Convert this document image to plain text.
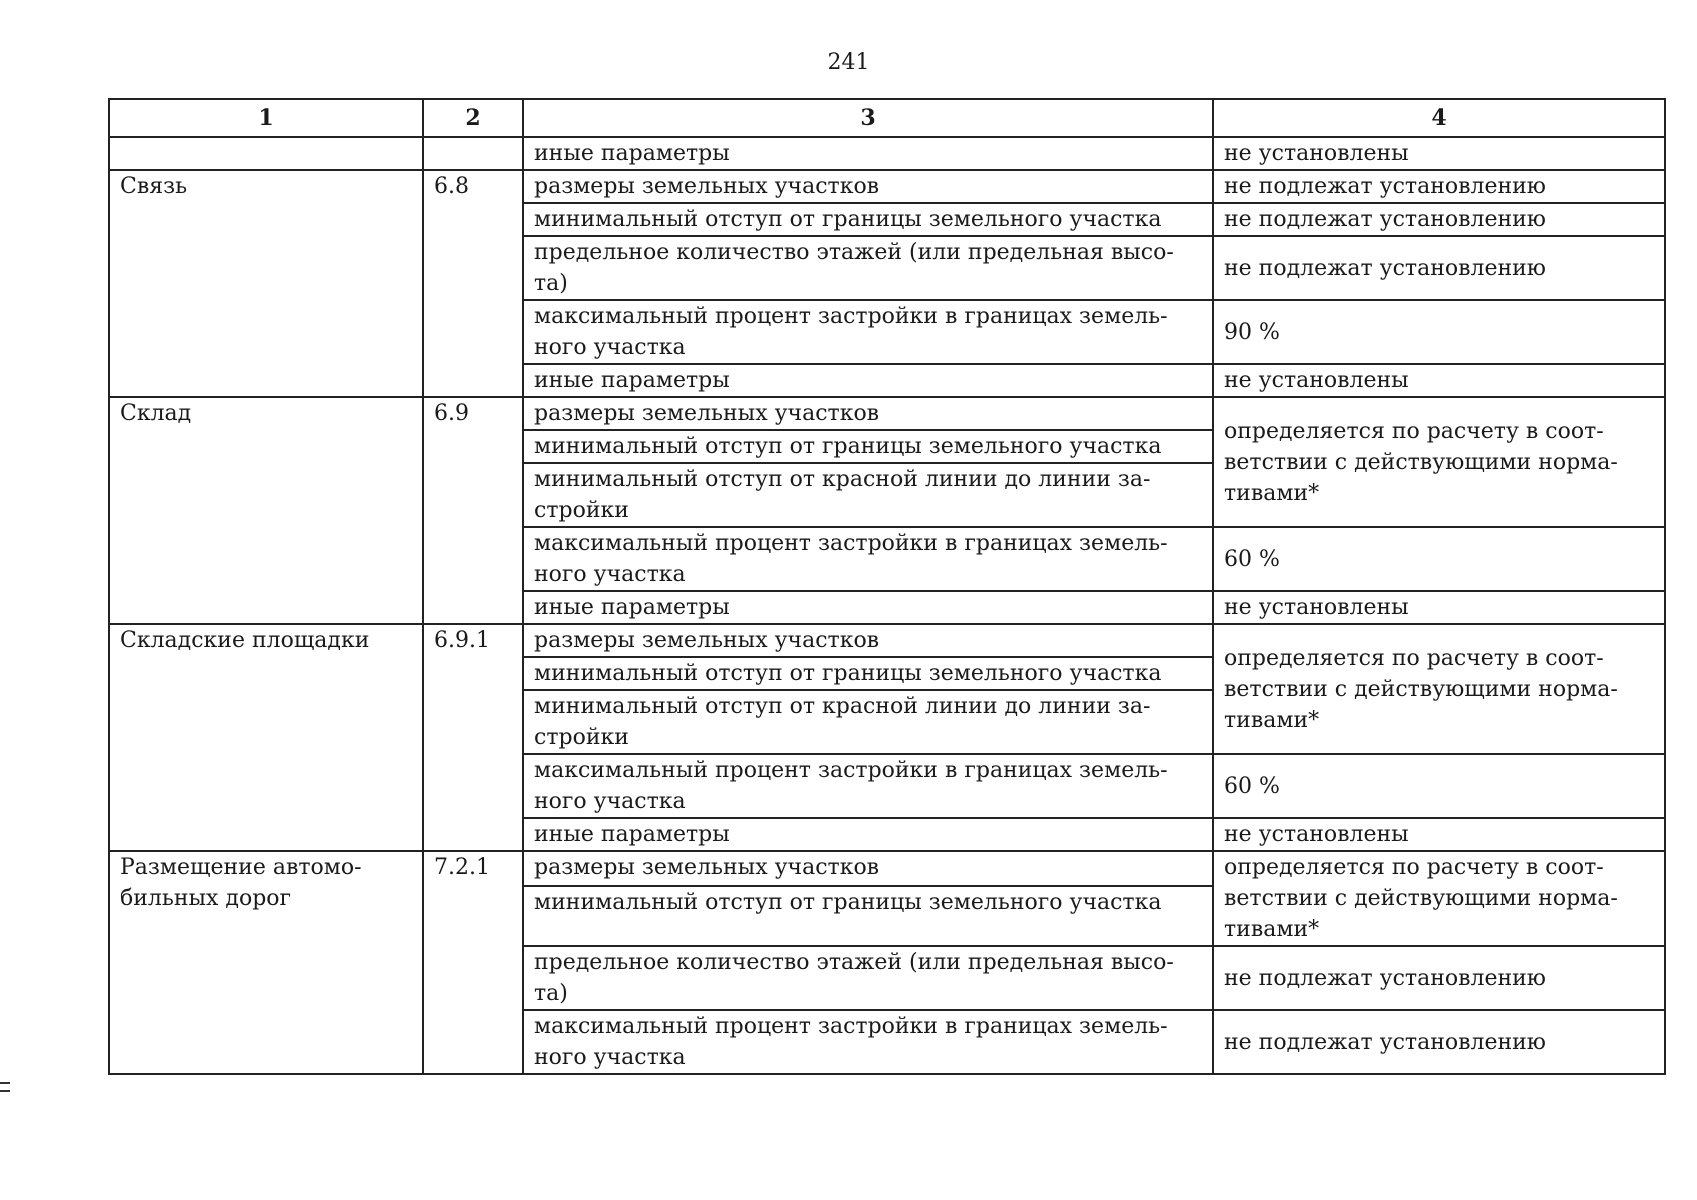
241
1	2	3	4
		иные параметры	не установлены
Связь	6.8	размеры земельных участков	не подлежат установлению
		минимальный отступ от границы земельного участка	не подлежат установлению
		предельное количество этажей (или предельная высо-та)	не подлежат установлению
		максимальный процент застройки в границах земель-ного участка	90 %
		иные параметры	не установлены
Склад	6.9	размеры земельных участков	определяется по расчету в соот-ветствии с действующими норма-тивами*
		минимальный отступ от границы земельного участка	
		минимальный отступ от красной линии до линии за-стройки	
		максимальный процент застройки в границах земель-ного участка	60 %
		иные параметры	не установлены
Складские площадки	6.9.1	размеры земельных участков	определяется по расчету в соот-ветствии с действующими норма-тивами*
		минимальный отступ от границы земельного участка	
		минимальный отступ от красной линии до линии за-стройки	
		максимальный процент застройки в границах земель-ного участка	60 %
		иные параметры	не установлены
Размещение автомо-бильных дорог	7.2.1	размеры земельных участков	определяется по расчету в соот-ветствии с действующими норма-тивами*
		минимальный отступ от границы земельного участка	
		предельное количество этажей (или предельная высо-та)	не подлежат установлению
		максимальный процент застройки в границах земель-ного участка	не подлежат установлению
